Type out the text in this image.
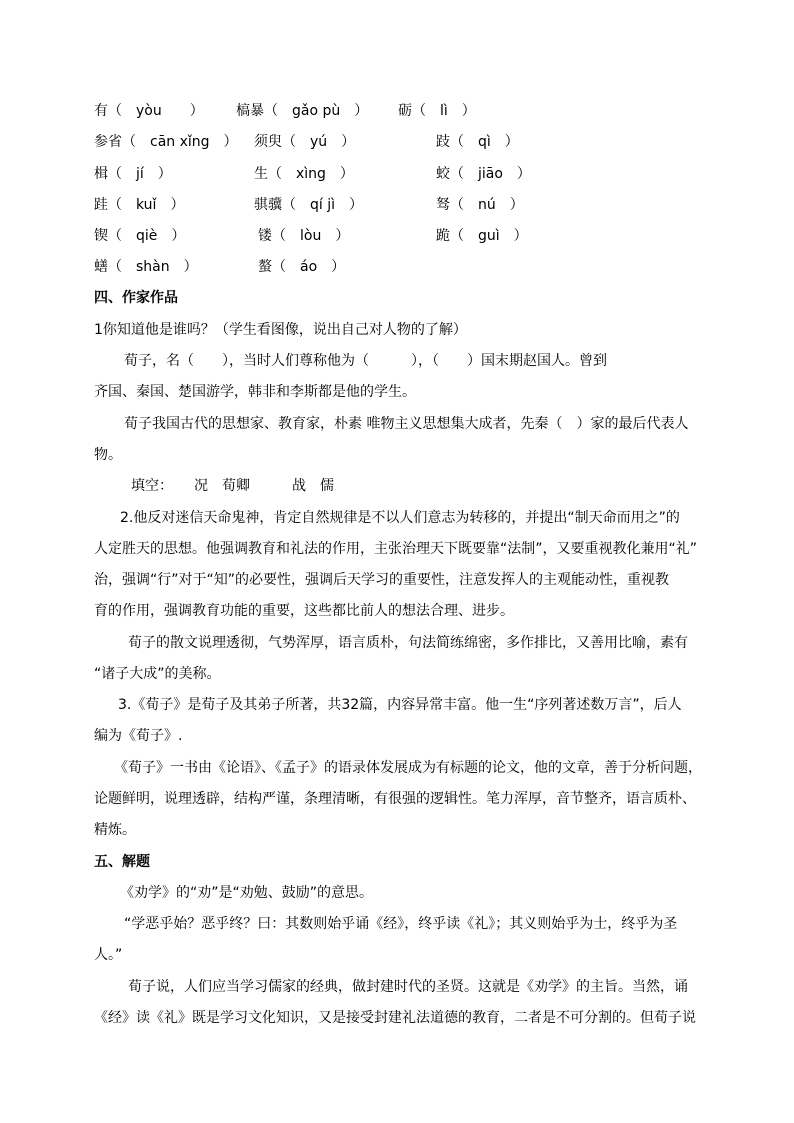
有（　yòu　　） 槁暴（　gǎo pù　） 砺（　lì　）
参省（　cān xǐng　） 须臾（　yú　）	跂（　qì　）
楫（　jí　）	生（　xìng　）	蛟（　jiāo　）
跬（　kuǐ　）	骐骥（　qí jì　）	驽（　nú　）
锲（　qiè　）	镂（　lòu　）	跪（　guì　）
蟮（　shàn　）	螯（　áo　）
四、作家作品
1你知道他是谁吗？（学生看图像，说出自己对人物的了解）
荀子，名（　　），当时人们尊称他为（　　　），（　　）国末期赵国人。曾到
齐国、秦国、楚国游学，韩非和李斯都是他的学生。
荀子我国古代的思想家、教育家，朴素 唯物主义思想集大成者，先秦（　）家的最后代表人
物。
填空：　　况　荀卿　　　战　儒
2.他反对迷信天命鬼神，肯定自然规律是不以人们意志为转移的，并提出“制天命而用之”的
人定胜天的思想。他强调教育和礼法的作用，主张治理天下既要靠“法制”，又要重视教化兼用“礼”
治，强调“行”对于“知”的必要性，强调后天学习的重要性，注意发挥人的主观能动性，重视教
育的作用，强调教育功能的重要，这些都比前人的想法合理、进步。
荀子的散文说理透彻，气势浑厚，语言质朴，句法简练绵密，多作排比，又善用比喻，素有
“诸子大成”的美称。
3.《荀子》是荀子及其弟子所著，共32篇，内容异常丰富。他一生“序列著述数万言”，后人
编为《荀子》.
《荀子》一书由《论语》、《孟子》的语录体发展成为有标题的论文，他的文章，善于分析问题，
论题鲜明，说理透辟，结构严谨，条理清晰，有很强的逻辑性。笔力浑厚，音节整齐，语言质朴、
精炼。
五、解题
《劝学》的“劝”是“劝勉、鼓励”的意思。
“学恶乎始？恶乎终？曰：其数则始乎诵《经》，终乎读《礼》；其义则始乎为士，终乎为圣
人。”
荀子说，人们应当学习儒家的经典，做封建时代的圣贤。这就是《劝学》的主旨。当然，诵
《经》读《礼》既是学习文化知识，又是接受封建礼法道德的教育，二者是不可分割的。但荀子说
